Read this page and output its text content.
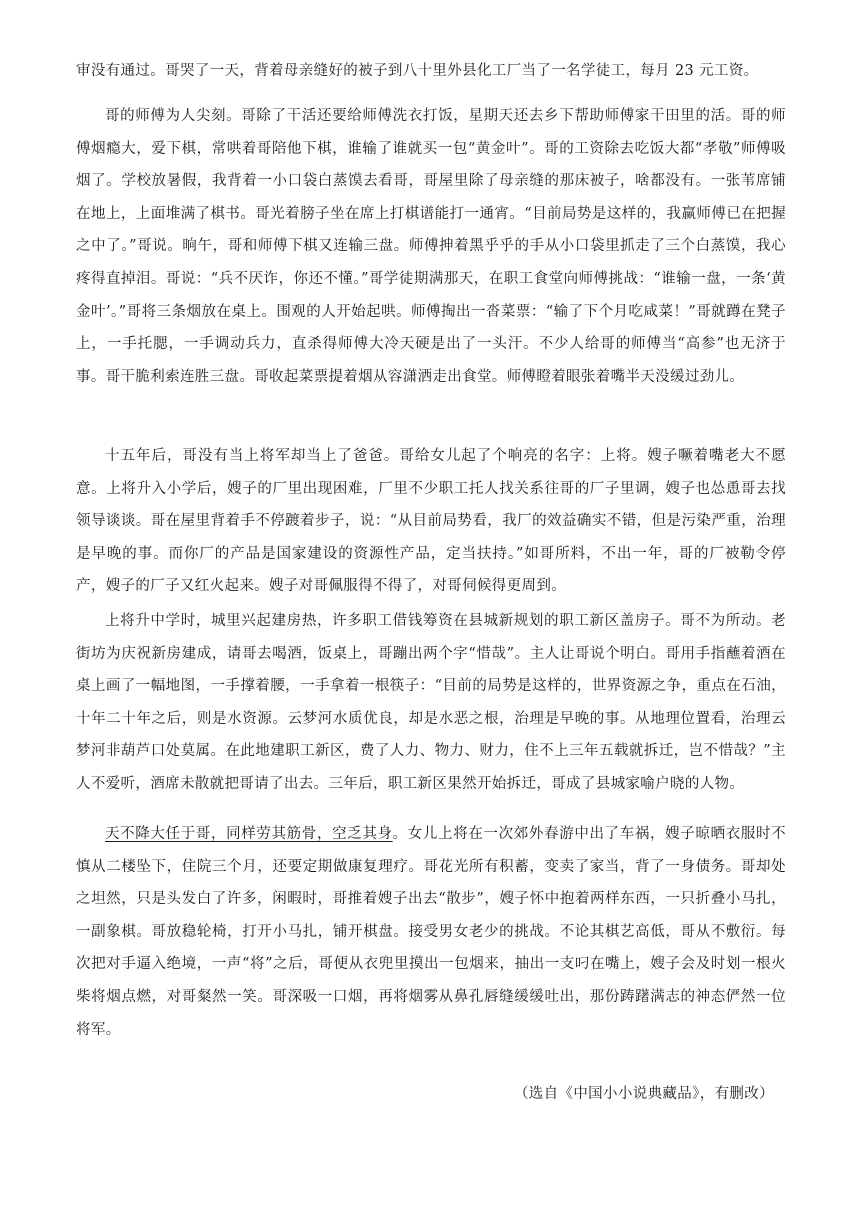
审没有通过。哥哭了一天，背着母亲缝好的被子到八十里外县化工厂当了一名学徒工，每月 23 元工资。

哥的师傅为人尖刻。哥除了干活还要给师傅洗衣打饭，星期天还去乡下帮助师傅家干田里的活。哥的师傅烟瘾大，爱下棋，常哄着哥陪他下棋，谁输了谁就买一包“黄金叶”。哥的工资除去吃饭大都“孝敬”师傅吸烟了。学校放暑假，我背着一小口袋白蒸馍去看哥，哥屋里除了母亲缝的那床被子，啥都没有。一张苇席铺在地上，上面堆满了棋书。哥光着膀子坐在席上打棋谱能打一通宵。“目前局势是这样的，我赢师傅已在把握之中了。”哥说。晌午，哥和师傅下棋又连输三盘。师傅抻着黑乎乎的手从小口袋里抓走了三个白蒸馍，我心疼得直掉泪。哥说：“兵不厌诈，你还不懂。”哥学徒期满那天，在职工食堂向师傅挑战：“谁输一盘，一条‘黄金叶’。”哥将三条烟放在桌上。围观的人开始起哄。师傅掏出一沓菜票：“输了下个月吃咸菜！”哥就蹲在凳子上，一手托腮，一手调动兵力，直杀得师傅大冷天硬是出了一头汗。不少人给哥的师傅当“高参”也无济于事。哥干脆利索连胜三盘。哥收起菜票提着烟从容潇洒走出食堂。师傅瞪着眼张着嘴半天没缓过劲儿。

十五年后，哥没有当上将军却当上了爸爸。哥给女儿起了个响亮的名字：上将。嫂子噘着嘴老大不愿意。上将升入小学后，嫂子的厂里出现困难，厂里不少职工托人找关系往哥的厂子里调，嫂子也怂恿哥去找领导谈谈。哥在屋里背着手不停踱着步子，说：“从目前局势看，我厂的效益确实不错，但是污染严重，治理是早晚的事。而你厂的产品是国家建设的资源性产品，定当扶持。”如哥所料，不出一年，哥的厂被勒令停产，嫂子的厂子又红火起来。嫂子对哥佩服得不得了，对哥伺候得更周到。

上将升中学时，城里兴起建房热，许多职工借钱筹资在县城新规划的职工新区盖房子。哥不为所动。老街坊为庆祝新房建成，请哥去喝酒，饭桌上，哥蹦出两个字“惜哉”。主人让哥说个明白。哥用手指蘸着酒在桌上画了一幅地图，一手撑着腰，一手拿着一根筷子：“目前的局势是这样的，世界资源之争，重点在石油，十年二十年之后，则是水资源。云梦河水质优良，却是水恶之根，治理是早晚的事。从地理位置看，治理云梦河非葫芦口处莫属。在此地建职工新区，费了人力、物力、财力，住不上三年五载就拆迁，岂不惜哉？”主人不爱听，酒席未散就把哥请了出去。三年后，职工新区果然开始拆迁，哥成了县城家喻户晓的人物。

天不降大任于哥，同样劳其筋骨，空乏其身。女儿上将在一次郊外春游中出了车祸，嫂子晾晒衣服时不慎从二楼坠下，住院三个月，还要定期做康复理疗。哥花光所有积蓄，变卖了家当，背了一身债务。哥却处之坦然，只是头发白了许多，闲暇时，哥推着嫂子出去“散步”，嫂子怀中抱着两样东西，一只折叠小马扎，一副象棋。哥放稳轮椅，打开小马扎，铺开棋盘。接受男女老少的挑战。不论其棋艺高低，哥从不敷衍。每次把对手逼入绝境，一声“将”之后，哥便从衣兜里摸出一包烟来，抽出一支叼在嘴上，嫂子会及时划一根火柴将烟点燃，对哥粲然一笑。哥深吸一口烟，再将烟雾从鼻孔唇缝缓缓吐出，那份踌躇满志的神态俨然一位将军。

（选自《中国小小说典藏品》，有删改）
